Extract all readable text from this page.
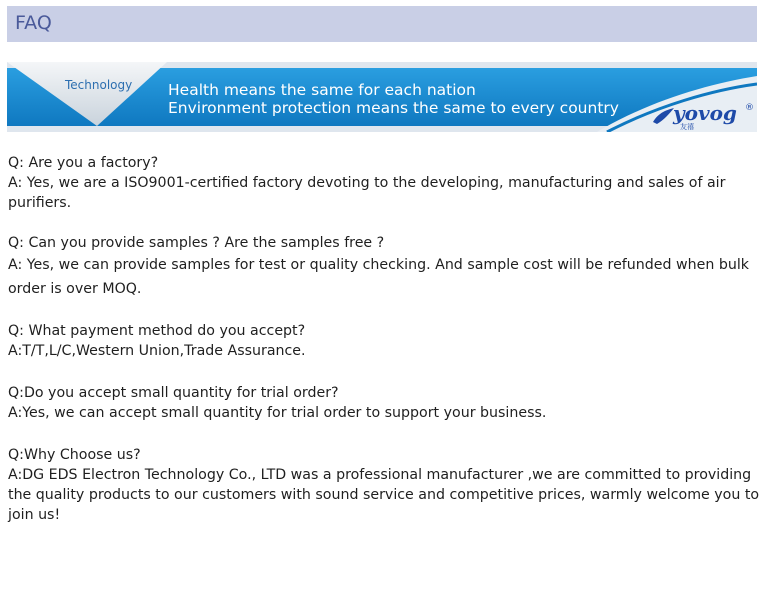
FAQ
Technology Health means the same for each nation
Environment protection means the same to every country	yovog
友禧
®

Q: Are you a factory?

A: Yes, we are a ISO9001-certified factory devoting to the developing, manufacturing and sales of air purifiers.

Q: Can you provide samples ? Are the samples free ?

A: Yes, we can provide samples for test or quality checking. And sample cost will be refunded when bulk order is over MOQ.

Q: What payment method do you accept?

A:T/T,L/C,Western Union,Trade Assurance.

Q:Do you accept small quantity for trial order?

A:Yes, we can accept small quantity for trial order to support your business.

Q:Why Choose us?

A:DG EDS Electron Technology Co., LTD was a professional manufacturer ,we are committed to providing the quality products to our customers with sound service and competitive prices, warmly welcome you to join us!
